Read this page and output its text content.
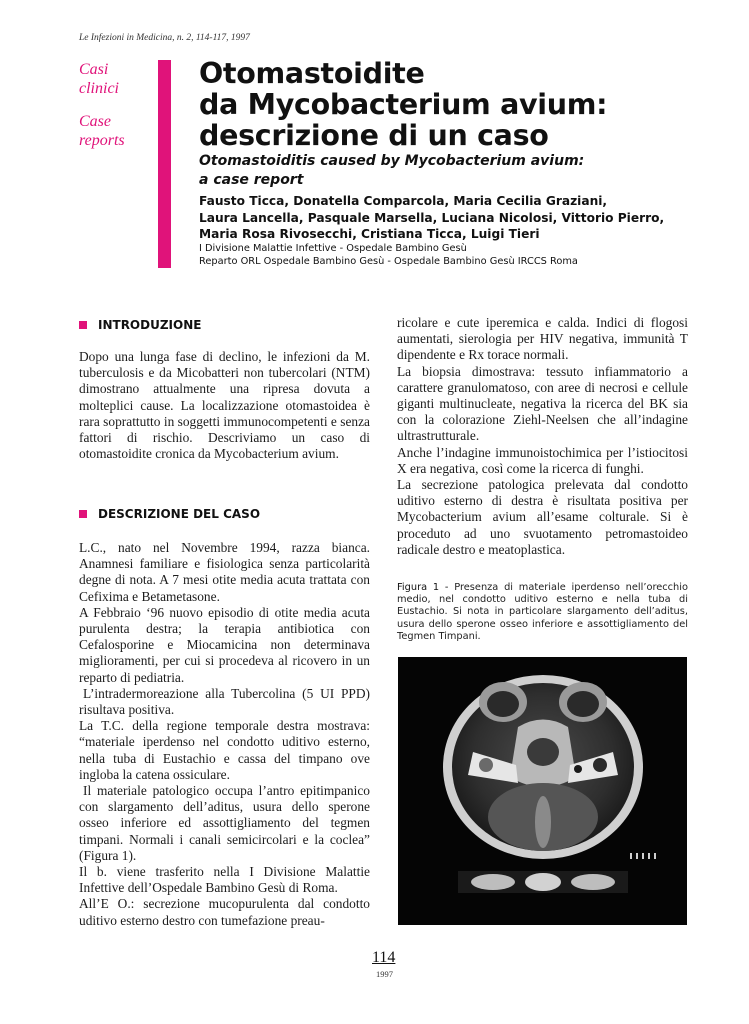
Le Infezioni in Medicina, n. 2, 114-117, 1997
Casi
clinici
Case
reports
Otomastoidite
da Mycobacterium avium:
descrizione di un caso
Otomastoiditis caused by Mycobacterium avium:
a case report
Fausto Ticca, Donatella Comparcola, Maria Cecilia Graziani,
Laura Lancella, Pasquale Marsella, Luciana Nicolosi, Vittorio Pierro,
Maria Rosa Rivosecchi, Cristiana Ticca, Luigi Tieri
I Divisione Malattie Infettive - Ospedale Bambino Gesù
Reparto ORL Ospedale Bambino Gesù - Ospedale Bambino Gesù IRCCS Roma
INTRODUZIONE

Dopo una lunga fase di declino, le infezioni da M. tuberculosis e da Micobatteri non tubercolari (NTM) dimostrano attualmente una ripresa dovuta a molteplici cause. La localizzazione otomastoidea è rara soprattutto in soggetti immunocompetenti e senza fattori di rischio. Descriviamo un caso di otomastoidite cronica da Mycobacterium avium.

DESCRIZIONE DEL CASO

L.C., nato nel Novembre 1994, razza bianca. Anamnesi familiare e fisiologica senza particolarità degne di nota. A 7 mesi otite media acuta trattata con Cefixima e Betametasone.

A Febbraio ‘96 nuovo episodio di otite media acuta purulenta destra; la terapia antibiotica con Cefalosporine e Miocamicina non determinava miglioramenti, per cui si procedeva al ricovero in un reparto di pediatria.

L’intradermoreazione alla Tubercolina (5 UI PPD) risultava positiva.

La T.C. della regione temporale destra mostrava: “materiale iperdenso nel condotto uditivo esterno, nella tuba di Eustachio e cassa del timpano ove ingloba la catena ossiculare.

Il materiale patologico occupa l’antro epitimpanico con slargamento dell’aditus, usura dello sperone osseo inferiore ed assottigliamento del tegmen timpani. Normali i canali semicircolari e la coclea” (Figura 1).

Il b. viene trasferito nella I Divisione Malattie Infettive dell’Ospedale Bambino Gesù di Roma.

All’E O.: secrezione mucopurulenta dal condotto uditivo esterno destro con tumefazione preau-

ricolare e cute iperemica e calda. Indici di flogosi aumentati, sierologia per HIV negativa, immunità T dipendente e Rx torace normali.

La biopsia dimostrava: tessuto infiammatorio a carattere granulomatoso, con aree di necrosi e cellule giganti multinucleate, negativa la ricerca del BK sia con la colorazione Ziehl-Neelsen che all’indagine ultrastrutturale.

Anche l’indagine immunoistochimica per l’istiocitosi X era negativa, così come la ricerca di funghi.

La secrezione patologica prelevata dal condotto uditivo esterno di destra è risultata positiva per Mycobacterium avium all’esame colturale. Si è proceduto ad uno svuotamento petromastoideo radicale destro e meatoplastica.

Figura 1 - Presenza di materiale iperdenso nell’orecchio medio, nel condotto uditivo esterno e nella tuba di Eustachio. Si nota in particolare slargamento dell’aditus, usura dello sperone osseo inferiore e assottigliamento del Tegmen Timpani.
114
1997
